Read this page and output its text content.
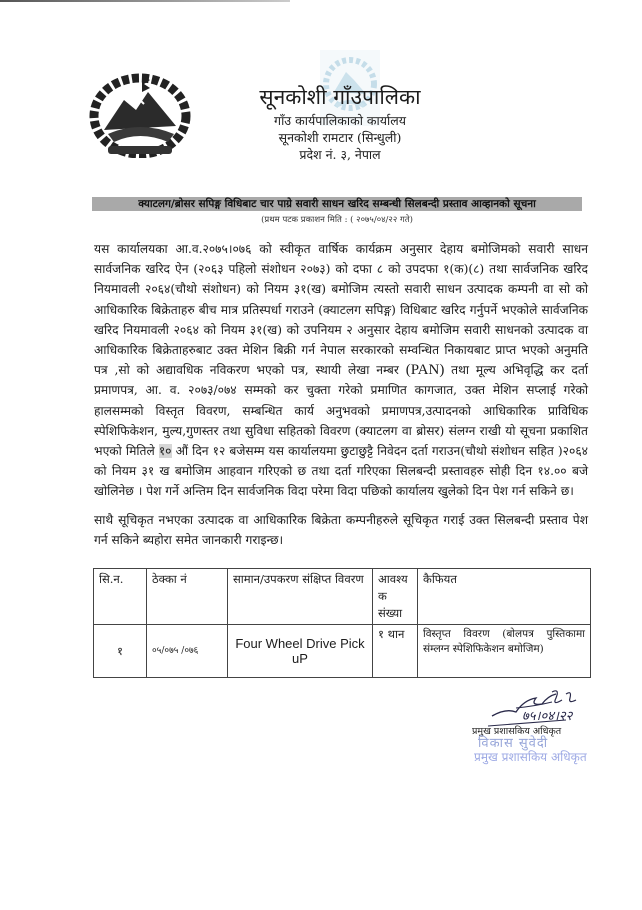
सूनकोशी गाँउपालिका
गाँउ कार्यपालिकाको कार्यालय
सूनकोशी रामटार (सिन्धुली)
प्रदेश नं. ३, नेपाल
क्याटलग/ब्रोसर सपिङ्ग विधिबाट चार पाग्रे सवारी साधन खरिद सम्बन्धी सिलबन्दी प्रस्ताव आव्हानको सूचना
(प्रथम पटक प्रकाशन मिति : ( २०७५/०४/२२ गते)

यस कार्यालयका आ.व.२०७५।०७६ को स्वीकृत वार्षिक कार्यक्रम अनुसार देहाय बमोजिमको सवारी साधन सार्वजनिक खरिद ऐन (२०६३ पहिलो संशोधन २०७३) को दफा ८ को उपदफा १(क)(८) तथा सार्वजनिक खरिद नियमावली २०६४(चौथो संशोधन) को नियम ३१(ख) बमोजिम त्यस्तो सवारी साधन उत्पादक कम्पनी वा सो को आधिकारिक बिक्रेताहरु बीच मात्र प्रतिस्पर्धा गराउने (क्याटलग सपिङ्ग) विधिबाट खरिद गर्नुपर्ने भएकोले सार्वजनिक खरिद नियमावली २०६४ को नियम ३१(ख) को उपनियम २ अनुसार देहाय बमोजिम सवारी साधनको उत्पादक वा आधिकारिक बिक्रेताहरुबाट उक्त मेशिन बिक्री गर्न नेपाल सरकारको सम्वन्धित निकायबाट प्राप्त भएको अनुमति पत्र ,सो को अद्यावधिक नविकरण भएको पत्र, स्थायी लेखा नम्बर (PAN) तथा मूल्य अभिवृद्धि कर दर्ता प्रमाणपत्र, आ. व. २०७३/०७४ सम्मको कर चुक्ता गरेको प्रमाणित कागजात, उक्त मेशिन सप्लाई गरेको हालसम्मको विस्तृत विवरण, सम्बन्धित कार्य अनुभवको प्रमाणपत्र,उत्पादनको आधिकारिक प्राविधिक स्पेशिफिकेशन, मुल्य,गुणस्तर तथा सुविधा सहितको विवरण (क्याटलग वा ब्रोसर) संलग्न राखी यो सूचना प्रकाशित भएको मितिले १० औं दिन १२ बजेसम्म यस कार्यालयमा छुटाछुट्टै निवेदन दर्ता गराउन(चौथो संशोधन सहित )२०६४ को नियम ३१ ख बमोजिम आहवान गरिएको छ तथा दर्ता गरिएका सिलबन्दी प्रस्तावहरु सोही दिन १४.०० बजे खोलिनेछ । पेश गर्ने अन्तिम दिन सार्वजनिक विदा परेमा विदा पछिको कार्यालय खुलेको दिन पेश गर्न सकिने छ।

साथै सूचिकृत नभएका उत्पादक वा आधिकारिक बिक्रेता कम्पनीहरुले सूचिकृत गराई उक्त सिलबन्दी प्रस्ताव पेश गर्न सकिने ब्यहोरा समेत जानकारी गराइन्छ।

सि.न.	ठेक्का नं	सामान/उपकरण संक्षिप्त विवरण	आवश्य क संख्या	कैफियत
१	०५/०७५ /०७६	Four Wheel Drive Pick uP	१ थान	विस्तृप्त विवरण (बोलपत्र पुस्तिकामा संम्लग्न स्पेशिफिकेशन बमोजिम)
७५।०४।२२
प्रमुख प्रशासकिय अधिकृत
विकास सुवेदी
प्रमुख प्रशासकिय अधिकृत
